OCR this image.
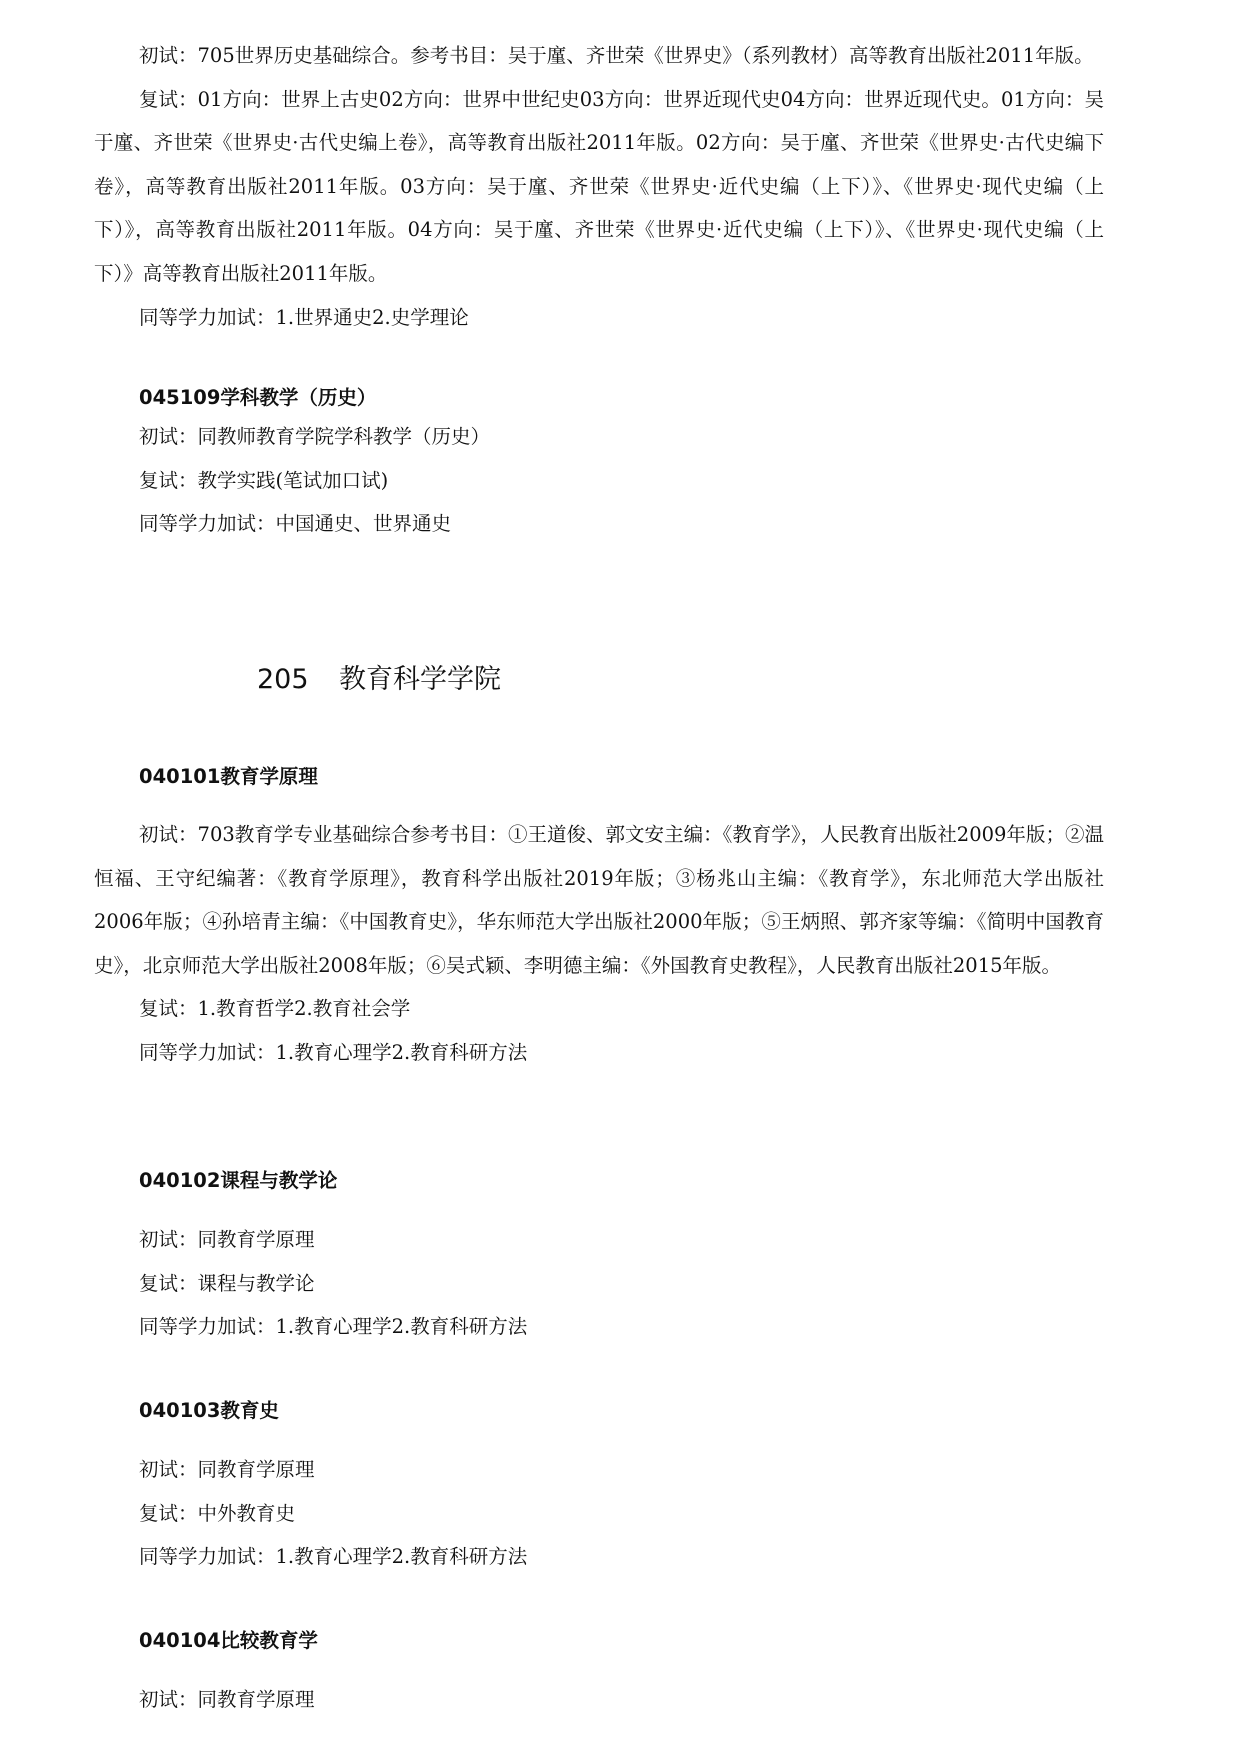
初试：705世界历史基础综合。参考书目：吴于廑、齐世荣《世界史》（系列教材）高等教育出版社2011年版。

复试：01方向：世界上古史02方向：世界中世纪史03方向：世界近现代史04方向：世界近现代史。01方向：吴于廑、齐世荣《世界史·古代史编上卷》，高等教育出版社2011年版。02方向：吴于廑、齐世荣《世界史·古代史编下卷》，高等教育出版社2011年版。03方向：吴于廑、齐世荣《世界史·近代史编（上下）》、《世界史·现代史编（上下）》，高等教育出版社2011年版。04方向：吴于廑、齐世荣《世界史·近代史编（上下）》、《世界史·现代史编（上下）》高等教育出版社2011年版。

同等学力加试：1.世界通史2.史学理论

045109学科教学（历史）

初试：同教师教育学院学科教学（历史）

复试：教学实践(笔试加口试)

同等学力加试：中国通史、世界通史

205 教育科学学院
040101教育学原理

初试：703教育学专业基础综合参考书目：①王道俊、郭文安主编：《教育学》，人民教育出版社2009年版；②温恒福、王守纪编著：《教育学原理》，教育科学出版社2019年版；③杨兆山主编：《教育学》，东北师范大学出版社2006年版；④孙培青主编：《中国教育史》，华东师范大学出版社2000年版；⑤王炳照、郭齐家等编：《简明中国教育史》，北京师范大学出版社2008年版；⑥吴式颖、李明德主编：《外国教育史教程》，人民教育出版社2015年版。

复试：1.教育哲学2.教育社会学

同等学力加试：1.教育心理学2.教育科研方法

040102课程与教学论

初试：同教育学原理

复试：课程与教学论

同等学力加试：1.教育心理学2.教育科研方法

040103教育史

初试：同教育学原理

复试：中外教育史

同等学力加试：1.教育心理学2.教育科研方法

040104比较教育学

初试：同教育学原理
